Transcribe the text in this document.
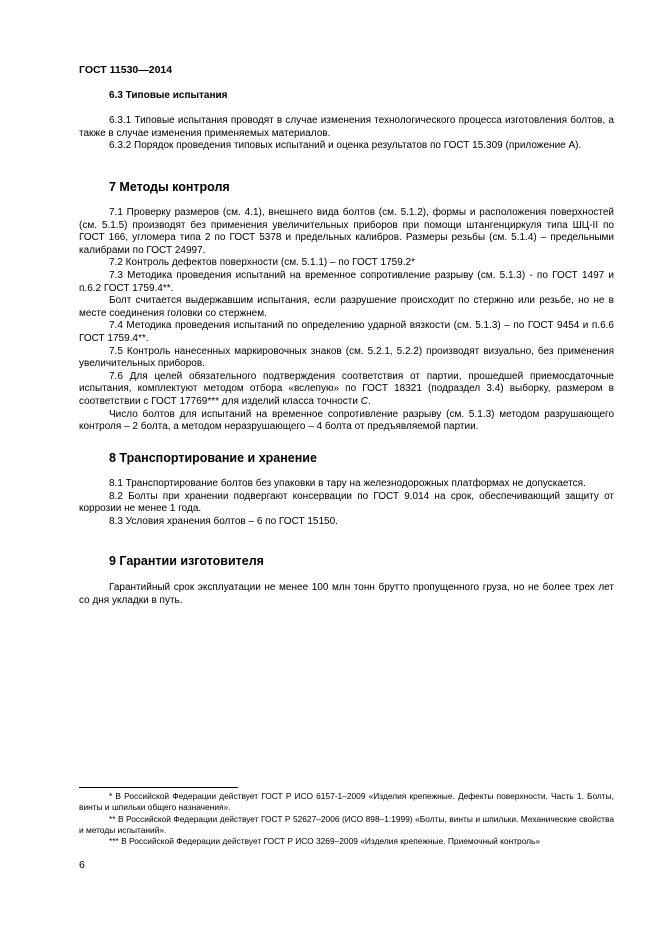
ГОСТ 11530—2014
6.3 Типовые испытания

6.3.1 Типовые испытания проводят в случае изменения технологического процесса изготовления болтов, а также в случае изменения применяемых материалов.

6.3.2 Порядок проведения типовых испытаний и оценка результатов по ГОСТ 15.309 (приложение А).

7 Методы контроля

7.1 Проверку размеров (см. 4.1), внешнего вида болтов (см. 5.1.2), формы и расположения поверхностей (см. 5.1.5) производят без применения увеличительных приборов при помощи штангенциркуля типа ШЦ-II по ГОСТ 166, угломера типа 2 по ГОСТ 5378 и предельных калибров. Размеры резьбы (см. 5.1.4) – предельными калибрами по ГОСТ 24997.

7.2 Контроль дефектов поверхности (см. 5.1.1) – по ГОСТ 1759.2*

7.3 Методика проведения испытаний на временное сопротивление разрыву (см. 5.1.3) - по ГОСТ 1497 и п.6.2 ГОСТ 1759.4**.

Болт считается выдержавшим испытания, если разрушение происходит по стержню или резьбе, но не в месте соединения головки со стержнем.

7.4 Методика проведения испытаний по определению ударной вязкости (см. 5.1.3) – по ГОСТ 9454 и п.6.6 ГОСТ 1759.4**.

7.5 Контроль нанесенных маркировочных знаков (см. 5.2.1, 5.2.2) производят визуально, без применения увеличительных приборов.

7.6 Для целей обязательного подтверждения соответствия от партии, прошедшей приемосдаточные испытания, комплектуют методом отбора «вслепую» по ГОСТ 18321 (подраздел 3.4) выборку, размером в соответствии с ГОСТ 17769*** для изделий класса точности С.

Число болтов для испытаний на временное сопротивление разрыву (см. 5.1.3) методом разрушающего контроля – 2 болта, а методом неразрушающего – 4 болта от предъявляемой партии.

8 Транспортирование и хранение

8.1 Транспортирование болтов без упаковки в тару на железнодорожных платформах не допускается.

8.2 Болты при хранении подвергают консервации по ГОСТ 9.014 на срок, обеспечивающий защиту от коррозии не менее 1 года.

8.3 Условия хранения болтов – 6 по ГОСТ 15150.

9 Гарантии изготовителя

Гарантийный срок эксплуатации не менее 100 млн тонн брутто пропущенного груза, но не более трех лет со дня укладки в путь.

* В Российской Федерации действует ГОСТ Р ИСО 6157-1–2009 «Изделия крепежные. Дефекты поверхности. Часть 1. Болты, винты и шпильки общего назначения».

** В Российской Федерации действует ГОСТ Р 52627–2006 (ИСО 898–1:1999) «Болты, винты и шпильки. Механические свойства и методы испытаний».

*** В Российской Федерации действует ГОСТ Р ИСО 3269–2009 «Изделия крепежные. Приемочный контроль»

6
